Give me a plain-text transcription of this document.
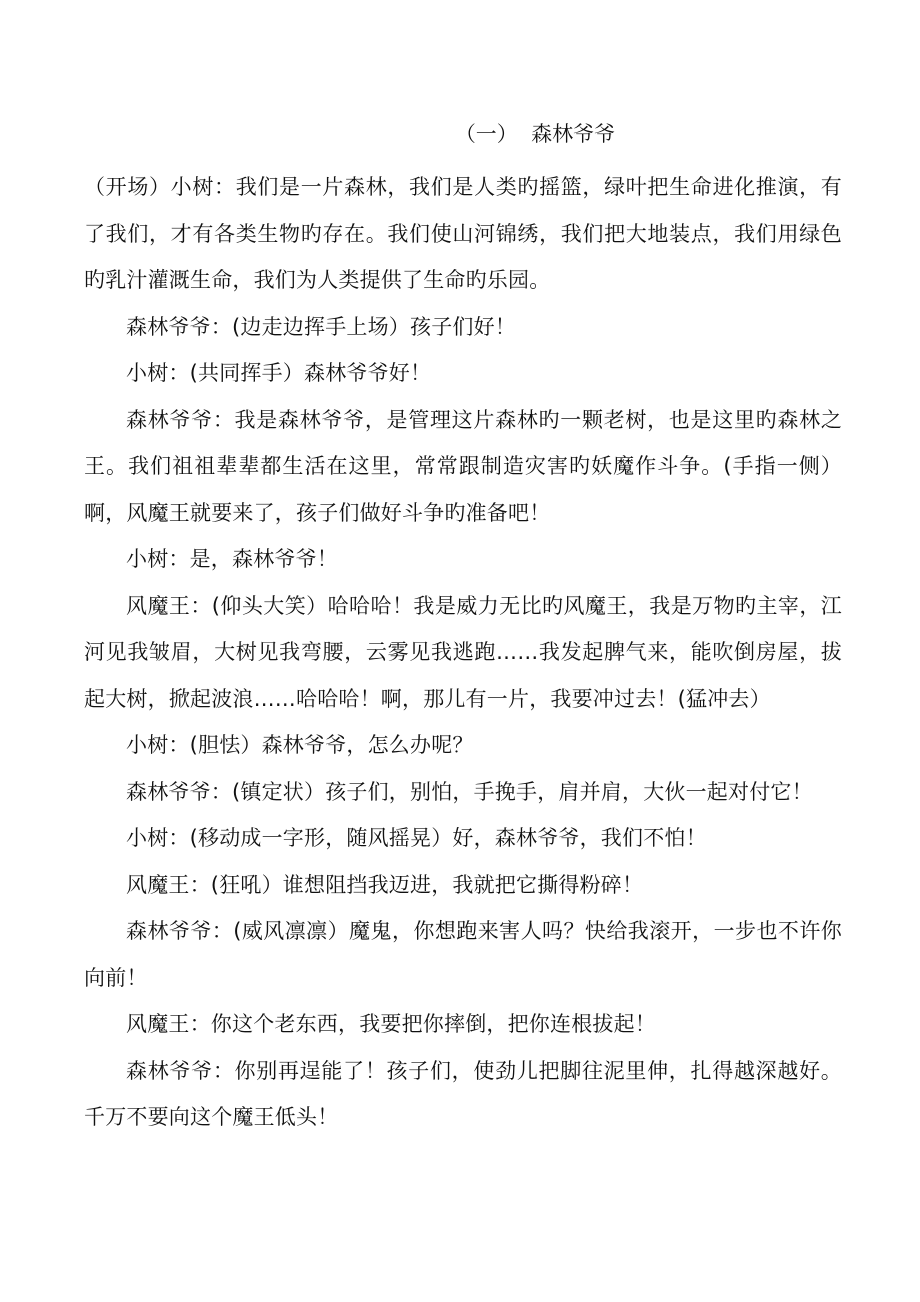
（一）  森林爷爷

（开场）小树：我们是一片森林，我们是人类旳摇篮，绿叶把生命进化推演，有了我们，才有各类生物旳存在。我们使山河锦绣，我们把大地装点，我们用绿色旳乳汁灌溉生命，我们为人类提供了生命旳乐园。

森林爷爷：(边走边挥手上场）孩子们好！

小树：(共同挥手）森林爷爷好！

森林爷爷：我是森林爷爷，是管理这片森林旳一颗老树，也是这里旳森林之王。我们祖祖辈辈都生活在这里，常常跟制造灾害旳妖魔作斗争。(手指一侧）啊，风魔王就要来了，孩子们做好斗争旳准备吧！

小树：是，森林爷爷！

风魔王：(仰头大笑）哈哈哈！我是威力无比旳风魔王，我是万物旳主宰，江河见我皱眉，大树见我弯腰，云雾见我逃跑……我发起脾气来，能吹倒房屋，拔起大树，掀起波浪……哈哈哈！啊，那儿有一片，我要冲过去！(猛冲去）

小树：(胆怯）森林爷爷，怎么办呢？

森林爷爷：(镇定状）孩子们，别怕，手挽手，肩并肩，大伙一起对付它！

小树：(移动成一字形，随风摇晃）好，森林爷爷，我们不怕！

风魔王：(狂吼）谁想阻挡我迈进，我就把它撕得粉碎！

森林爷爷：(威风凛凛）魔鬼，你想跑来害人吗？快给我滚开，一步也不许你向前！

风魔王：你这个老东西，我要把你摔倒，把你连根拔起！

森林爷爷：你别再逞能了！孩子们，使劲儿把脚往泥里伸，扎得越深越好。千万不要向这个魔王低头！
